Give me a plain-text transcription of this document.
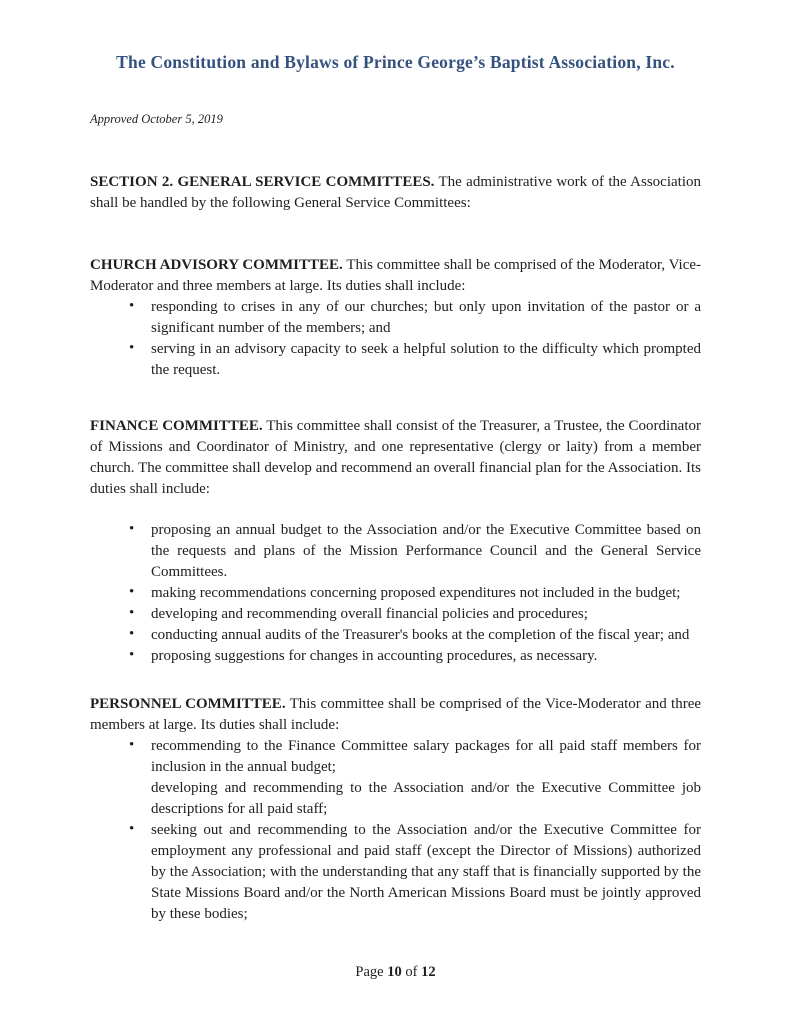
The Constitution and Bylaws of Prince George’s Baptist Association, Inc.

Approved October 5, 2019

SECTION 2. GENERAL SERVICE COMMITTEES. The administrative work of the Association shall be handled by the following General Service Committees:

CHURCH ADVISORY COMMITTEE. This committee shall be comprised of the Moderator, Vice-Moderator and three members at large. Its duties shall include:

• responding to crises in any of our churches; but only upon invitation of the pastor or a significant number of the members; and
• serving in an advisory capacity to seek a helpful solution to the difficulty which prompted the request.

FINANCE COMMITTEE. This committee shall consist of the Treasurer, a Trustee, the Coordinator of Missions and Coordinator of Ministry, and one representative (clergy or laity) from a member church. The committee shall develop and recommend an overall financial plan for the Association. Its duties shall include:

• proposing an annual budget to the Association and/or the Executive Committee based on the requests and plans of the Mission Performance Council and the General Service Committees.
• making recommendations concerning proposed expenditures not included in the budget;
• developing and recommending overall financial policies and procedures;
• conducting annual audits of the Treasurer's books at the completion of the fiscal year; and
• proposing suggestions for changes in accounting procedures, as necessary.

PERSONNEL COMMITTEE. This committee shall be comprised of the Vice-Moderator and three members at large. Its duties shall include:

• recommending to the Finance Committee salary packages for all paid staff members for inclusion in the annual budget;
developing and recommending to the Association and/or the Executive Committee job descriptions for all paid staff;
• seeking out and recommending to the Association and/or the Executive Committee for employment any professional and paid staff (except the Director of Missions) authorized by the Association; with the understanding that any staff that is financially supported by the State Missions Board and/or the North American Missions Board must be jointly approved by these bodies;
Page 10 of 12
